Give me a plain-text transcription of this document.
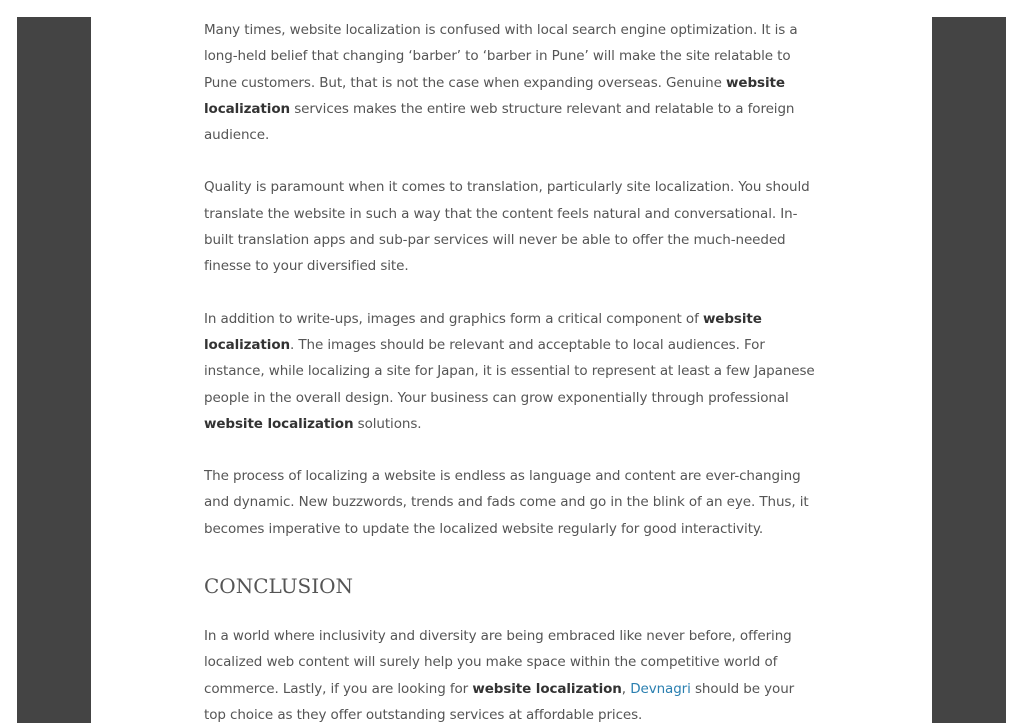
Many times, website localization is confused with local search engine optimization. It is a long-held belief that changing ‘barber’ to ‘barber in Pune’ will make the site relatable to Pune customers. But, that is not the case when expanding overseas. Genuine website localization services makes the entire web structure relevant and relatable to a foreign audience.

Quality is paramount when it comes to translation, particularly site localization. You should translate the website in such a way that the content feels natural and conversational. In-built translation apps and sub-par services will never be able to offer the much-needed finesse to your diversified site.

In addition to write-ups, images and graphics form a critical component of website localization. The images should be relevant and acceptable to local audiences. For instance, while localizing a site for Japan, it is essential to represent at least a few Japanese people in the overall design. Your business can grow exponentially through professional website localization solutions.

The process of localizing a website is endless as language and content are ever-changing and dynamic. New buzzwords, trends and fads come and go in the blink of an eye. Thus, it becomes imperative to update the localized website regularly for good interactivity.

CONCLUSION

In a world where inclusivity and diversity are being embraced like never before, offering localized web content will surely help you make space within the competitive world of commerce. Lastly, if you are looking for website localization, Devnagri should be your top choice as they offer outstanding services at affordable prices.
